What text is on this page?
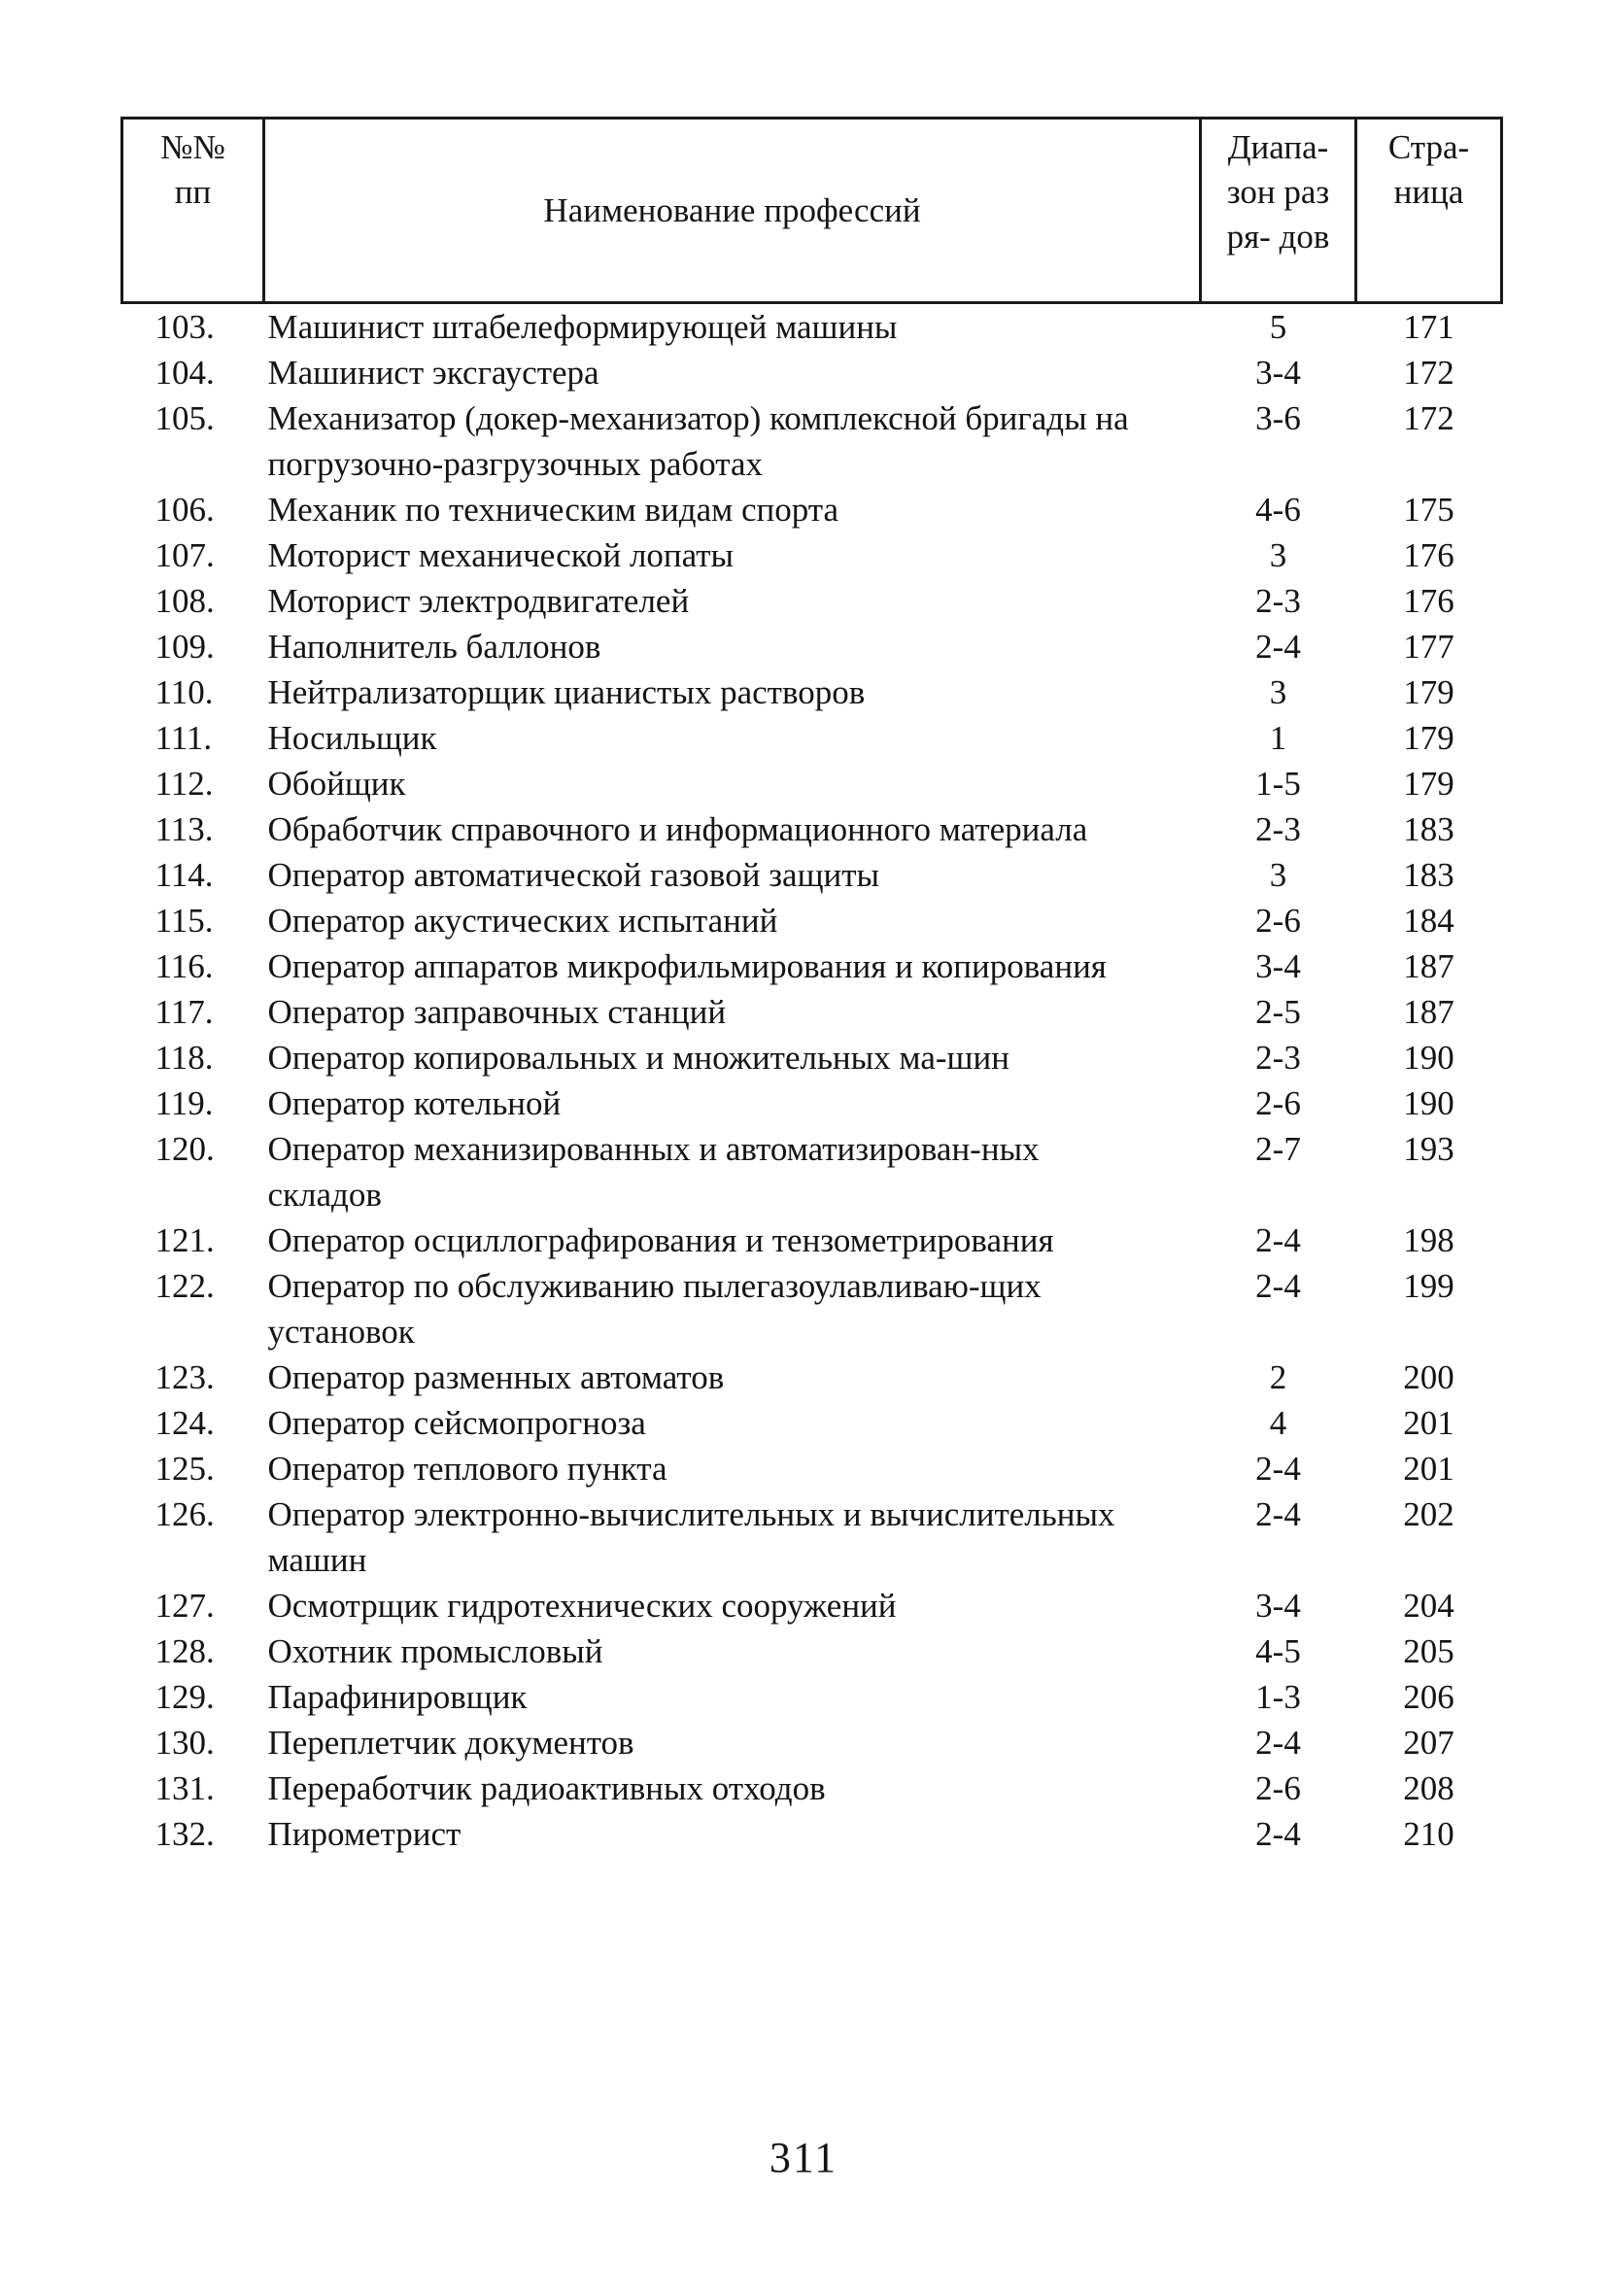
№№ пп	Наименование профессий	Диапа- зон разря- дов	Стра- ница

103.	Машинист штабелеформирующей машины	5	171
104.	Машинист эксгаустера	3-4	172
105.	Механизатор (докер-механизатор) комплексной бригады на погрузочно-разгрузочных работах	3-6	172
106.	Механик по техническим видам спорта	4-6	175
107.	Моторист механической лопаты	3	176
108.	Моторист электродвигателей	2-3	176
109.	Наполнитель баллонов	2-4	177
110.	Нейтрализаторщик цианистых растворов	3	179
111.	Носильщик	1	179
112.	Обойщик	1-5	179
113.	Обработчик справочного и информационного материала	2-3	183
114.	Оператор автоматической газовой защиты	3	183
115.	Оператор акустических испытаний	2-6	184
116.	Оператор аппаратов микрофильмирования и копирования	3-4	187
117.	Оператор заправочных станций	2-5	187
118.	Оператор копировальных и множительных ма-шин	2-3	190
119.	Оператор котельной	2-6	190
120.	Оператор механизированных и автоматизирован-ных складов	2-7	193
121.	Оператор осциллографирования и тензометрирования	2-4	198
122.	Оператор по обслуживанию пылегазоулавливаю-щих установок	2-4	199
123.	Оператор разменных автоматов	2	200
124.	Оператор сейсмопрогноза	4	201
125.	Оператор теплового пункта	2-4	201
126.	Оператор электронно-вычислительных и вычислительных машин	2-4	202
127.	Осмотрщик гидротехнических сооружений	3-4	204
128.	Охотник промысловый	4-5	205
129.	Парафинировщик	1-3	206
130.	Переплетчик документов	2-4	207
131.	Переработчик радиоактивных отходов	2-6	208
132.	Пирометрист	2-4	210
311
